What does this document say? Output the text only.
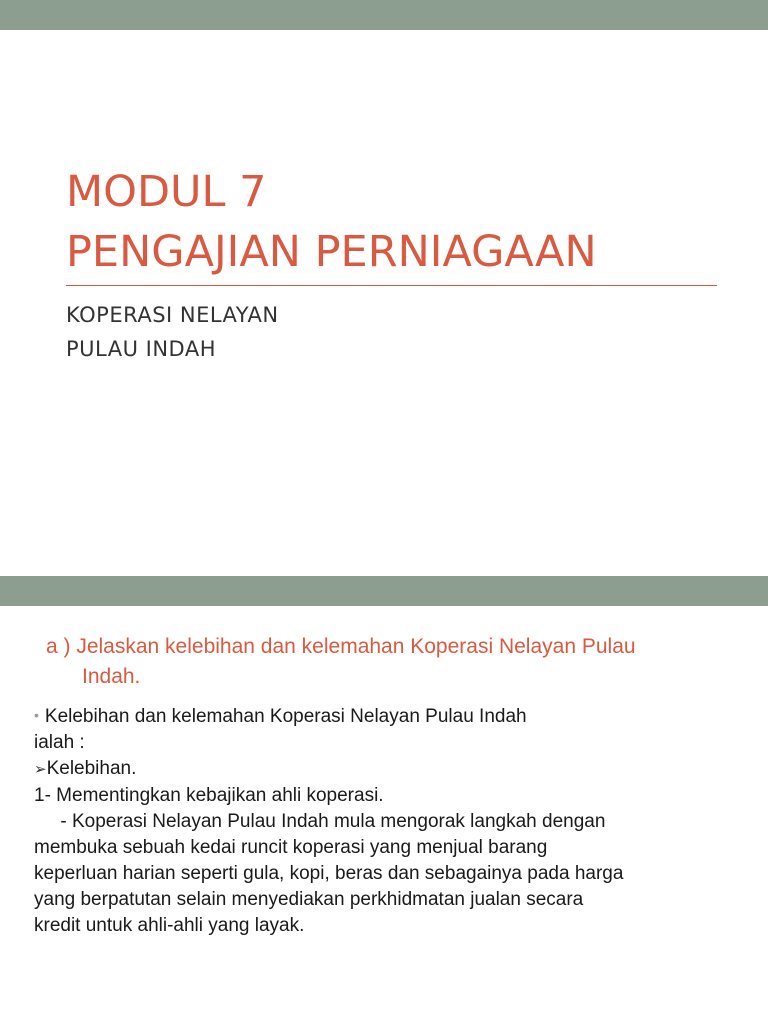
MODUL 7
PENGAJIAN PERNIAGAAN
KOPERASI NELAYAN
PULAU INDAH
a ) Jelaskan kelebihan dan kelemahan Koperasi Nelayan Pulau
Indah.
• Kelebihan dan kelemahan Koperasi Nelayan Pulau Indah
ialah :
➢Kelebihan.
1- Mementingkan kebajikan ahli koperasi.
- Koperasi Nelayan Pulau Indah mula mengorak langkah dengan
membuka sebuah kedai runcit koperasi yang menjual barang
keperluan harian seperti gula, kopi, beras dan sebagainya pada harga
yang berpatutan selain menyediakan perkhidmatan jualan secara
kredit untuk ahli-ahli yang layak.
